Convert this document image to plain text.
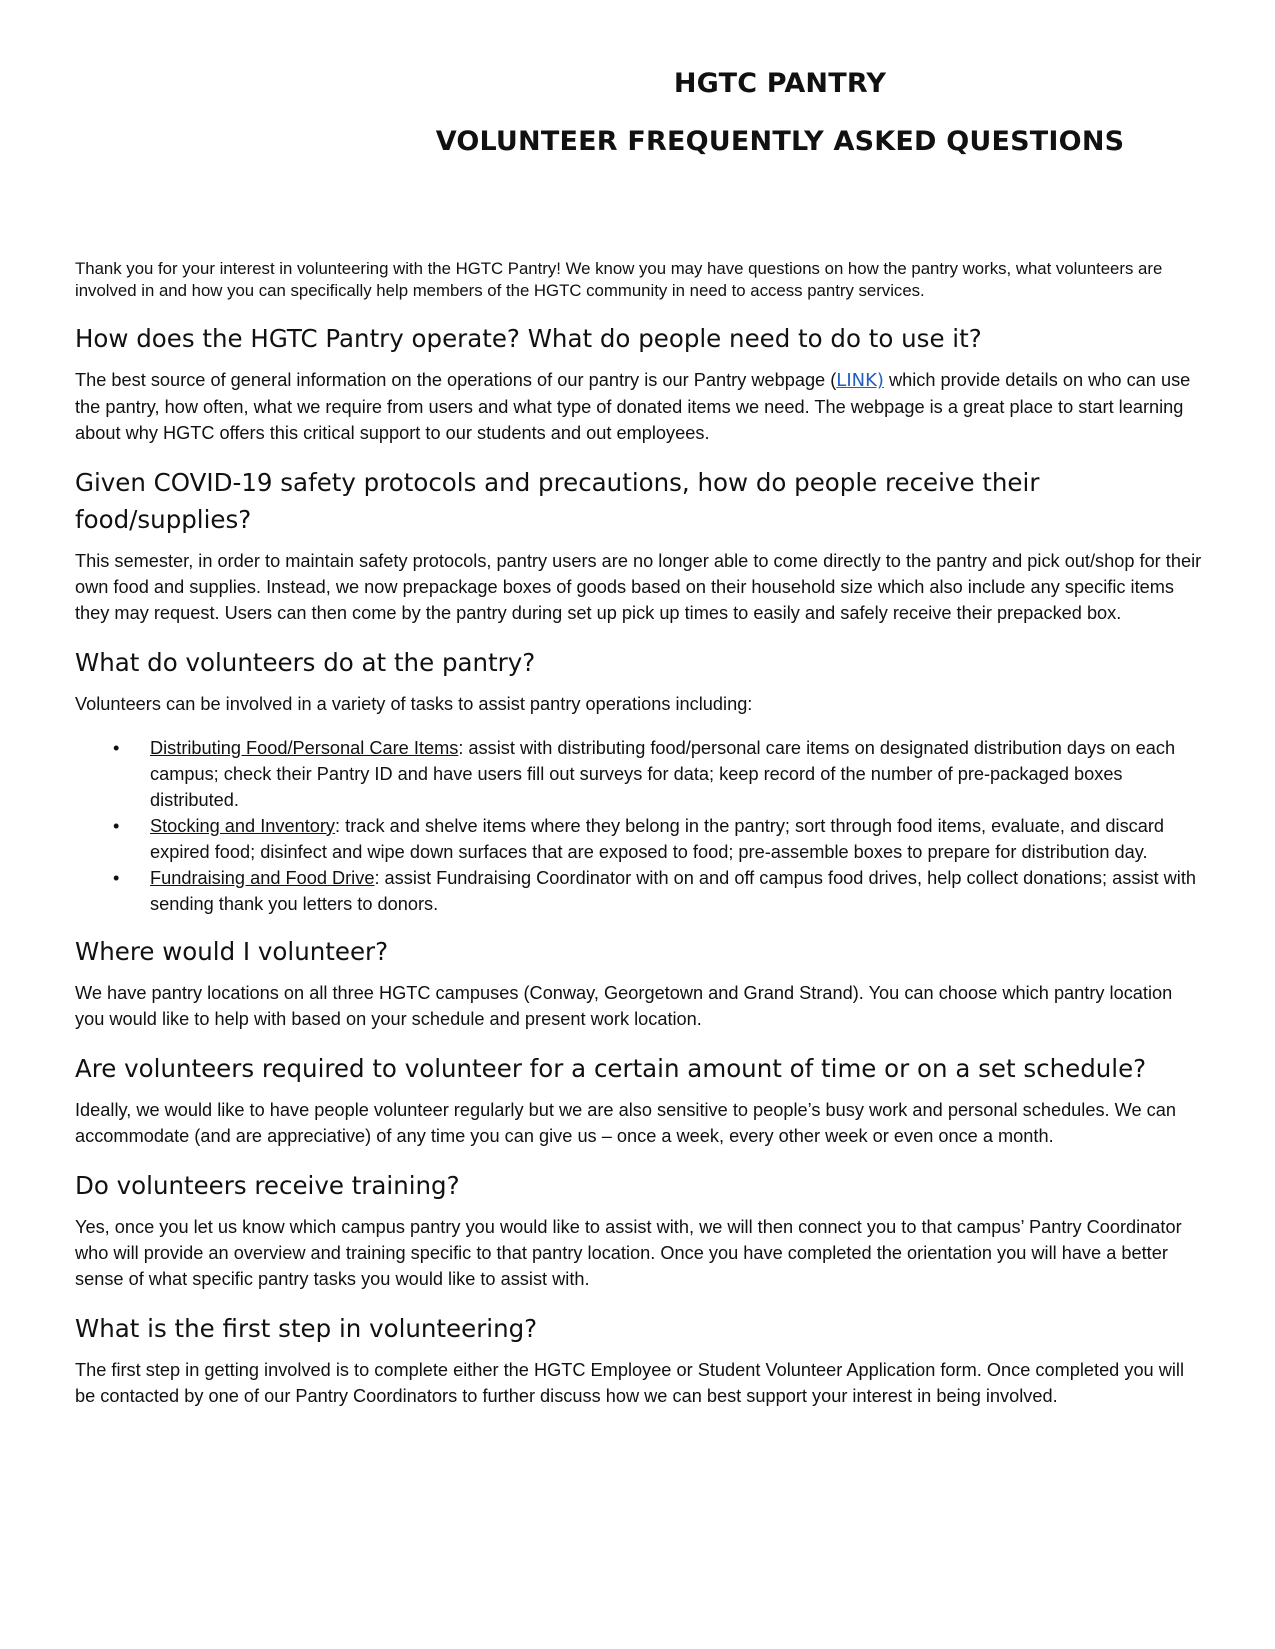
HGTC PANTRY
VOLUNTEER FREQUENTLY ASKED QUESTIONS

Thank you for your interest in volunteering with the HGTC Pantry! We know you may have questions on how the pantry works, what volunteers are involved in and how you can specifically help members of the HGTC community in need to access pantry services.

How does the HGTC Pantry operate? What do people need to do to use it?

The best source of general information on the operations of our pantry is our Pantry webpage (LINK) which provide details on who can use the pantry, how often, what we require from users and what type of donated items we need. The webpage is a great place to start learning about why HGTC offers this critical support to our students and out employees.

Given COVID-19 safety protocols and precautions, how do people receive their food/supplies?

This semester, in order to maintain safety protocols, pantry users are no longer able to come directly to the pantry and pick out/shop for their own food and supplies. Instead, we now prepackage boxes of goods based on their household size which also include any specific items they may request. Users can then come by the pantry during set up pick up times to easily and safely receive their prepacked box.

What do volunteers do at the pantry?

Volunteers can be involved in a variety of tasks to assist pantry operations including:

• Distributing Food/Personal Care Items: assist with distributing food/personal care items on designated distribution days on each campus; check their Pantry ID and have users fill out surveys for data; keep record of the number of pre-packaged boxes distributed.
• Stocking and Inventory: track and shelve items where they belong in the pantry; sort through food items, evaluate, and discard expired food; disinfect and wipe down surfaces that are exposed to food; pre-assemble boxes to prepare for distribution day.
• Fundraising and Food Drive: assist Fundraising Coordinator with on and off campus food drives, help collect donations; assist with sending thank you letters to donors.
Where would I volunteer?

We have pantry locations on all three HGTC campuses (Conway, Georgetown and Grand Strand). You can choose which pantry location you would like to help with based on your schedule and present work location.

Are volunteers required to volunteer for a certain amount of time or on a set schedule?

Ideally, we would like to have people volunteer regularly but we are also sensitive to people’s busy work and personal schedules. We can accommodate (and are appreciative) of any time you can give us – once a week, every other week or even once a month.

Do volunteers receive training?

Yes, once you let us know which campus pantry you would like to assist with, we will then connect you to that campus’ Pantry Coordinator who will provide an overview and training specific to that pantry location. Once you have completed the orientation you will have a better sense of what specific pantry tasks you would like to assist with.

What is the first step in volunteering?

The first step in getting involved is to complete either the HGTC Employee or Student Volunteer Application form. Once completed you will be contacted by one of our Pantry Coordinators to further discuss how we can best support your interest in being involved.
